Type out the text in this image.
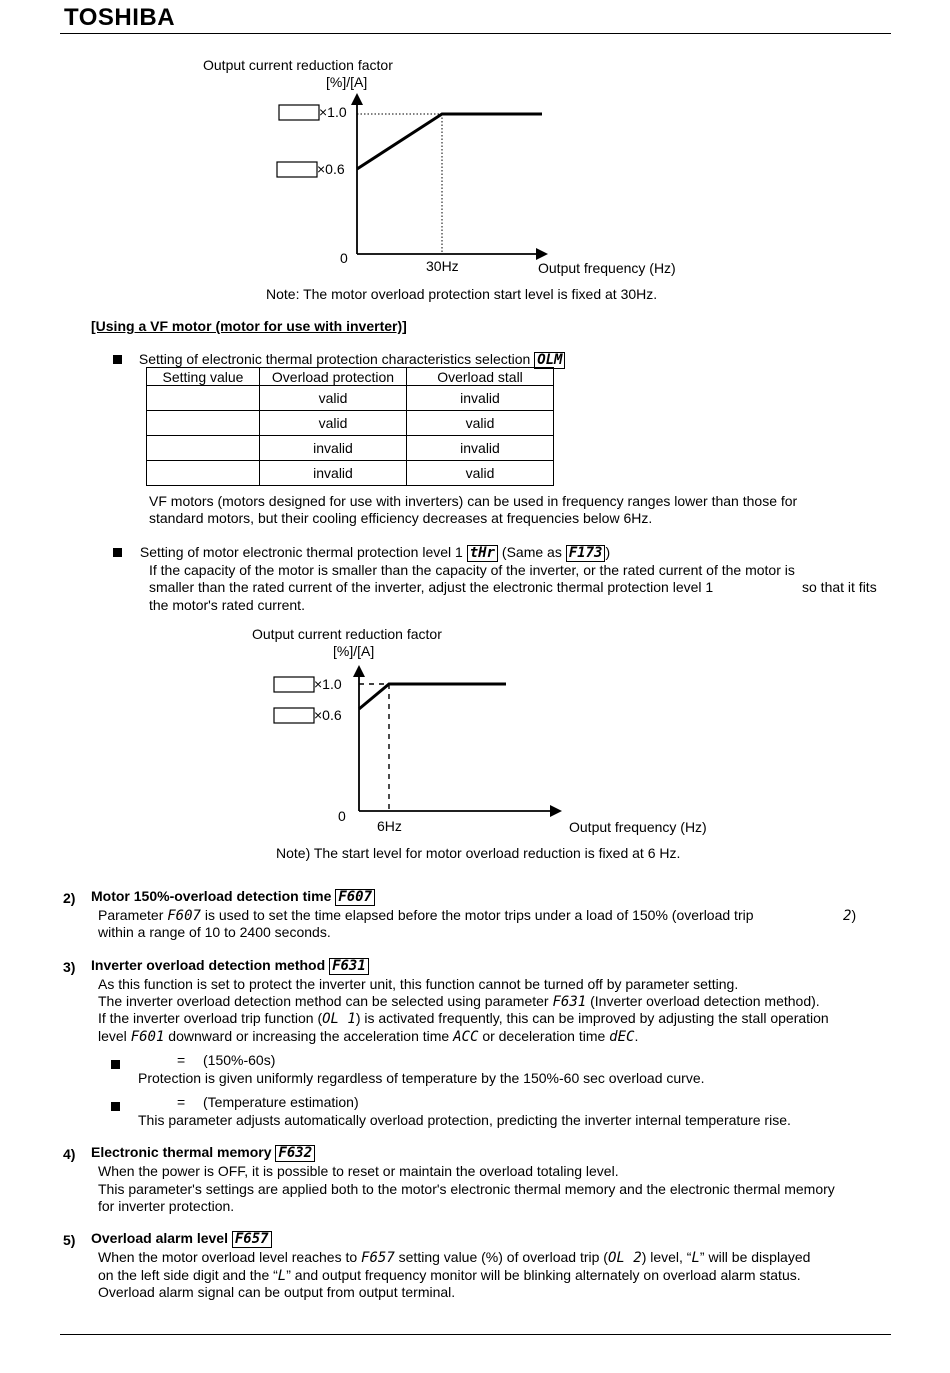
TOSHIBA
Output current reduction factor
[%]/[A]
×1.0
×0.6
0	30Hz	Output frequency (Hz)
Note: The motor overload protection start level is fixed at 30Hz.
[Using a VF motor (motor for use with inverter)]
Setting of electronic thermal protection characteristics selection OLM
Setting value	Overload protection	Overload stall
	valid	invalid
	valid	valid
	invalid	invalid
	invalid	valid
VF motors (motors designed for use with inverters) can be used in frequency ranges lower than those for
standard motors, but their cooling efficiency decreases at frequencies below 6Hz.
Setting of motor electronic thermal protection level 1 tHr (Same as F173 )
If the capacity of the motor is smaller than the capacity of the inverter, or the rated current of the motor is
smaller than the rated current of the inverter, adjust the electronic thermal protection level 1	so that it fits
the motor's rated current.
Output current reduction factor
[%]/[A]
×1.0
×0.6
0
6Hz	Output frequency (Hz)
Note) The start level for motor overload reduction is fixed at 6 Hz.
2) Motor 150%-overload detection time F607
Parameter F607 is used to set the time elapsed before the motor trips under a load of 150% (overload trip	2)
within a range of 10 to 2400 seconds.
3) Inverter overload detection method F631
As this function is set to protect the inverter unit, this function cannot be turned off by parameter setting.
The inverter overload detection method can be selected using parameter F631 (Inverter overload detection method).
If the inverter overload trip function (OL 1) is activated frequently, this can be improved by adjusting the stall operation
level F601 downward or increasing the acceleration time ACC or deceleration time dEC.
= (150%-60s)
Protection is given uniformly regardless of temperature by the 150%-60 sec overload curve.
= (Temperature estimation)
This parameter adjusts automatically overload protection, predicting the inverter internal temperature rise.
4) Electronic thermal memory F632
When the power is OFF, it is possible to reset or maintain the overload totaling level.
This parameter's settings are applied both to the motor's electronic thermal memory and the electronic thermal memory
for inverter protection.
5) Overload alarm level F657
When the motor overload level reaches to F657 setting value (%) of overload trip (OL 2) level, “L” will be displayed
on the left side digit and the “L” and output frequency monitor will be blinking alternately on overload alarm status.
Overload alarm signal can be output from output terminal.
